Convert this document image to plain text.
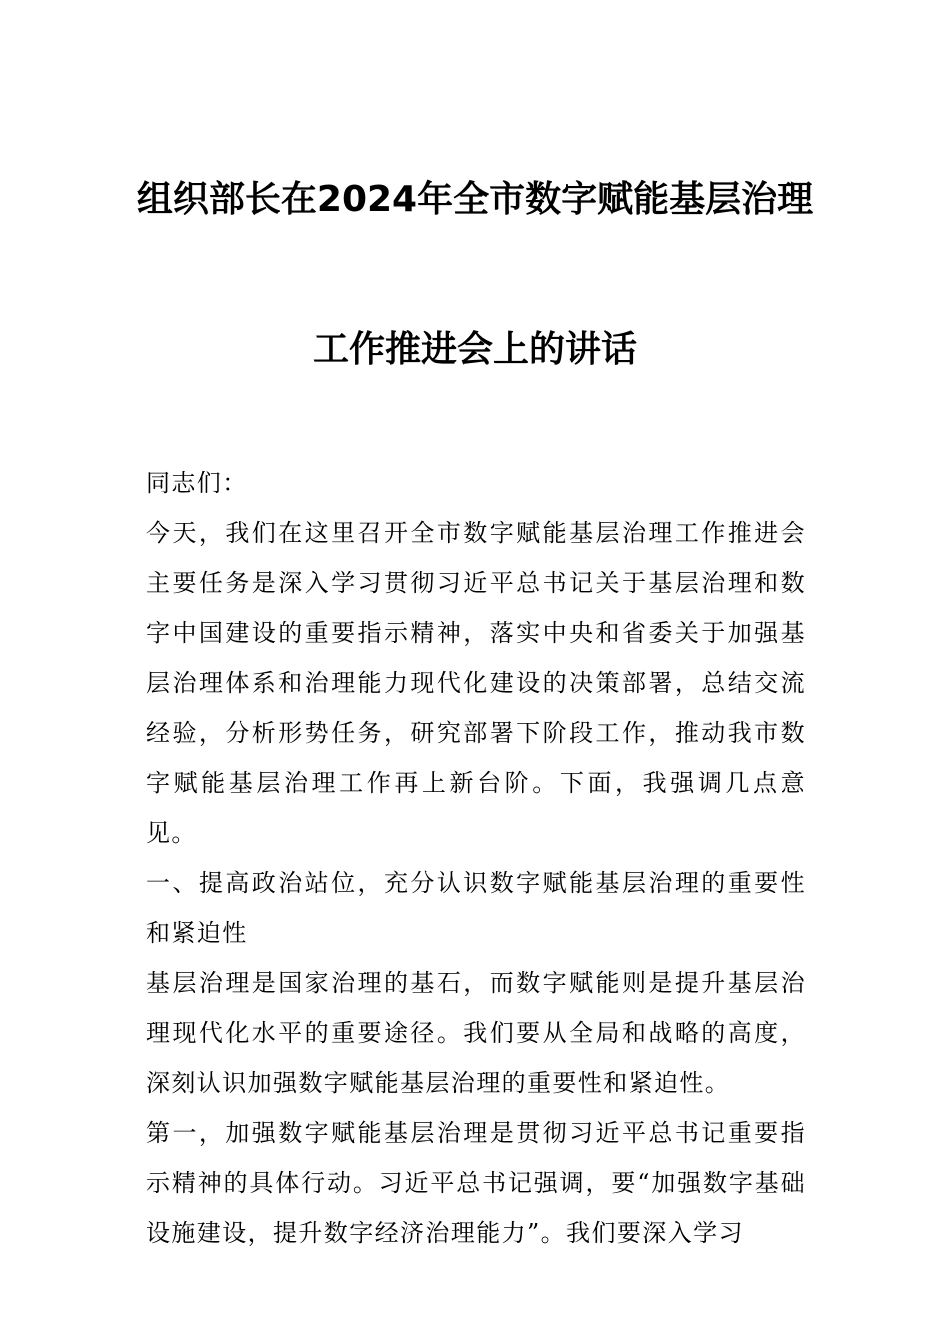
组织部长在2024年全市数字赋能基层治理
工作推进会上的讲话

同志们：

今天，我们在这里召开全市数字赋能基层治理工作推进会主要任务是深入学习贯彻习近平总书记关于基层治理和数字中国建设的重要指示精神，落实中央和省委关于加强基层治理体系和治理能力现代化建设的决策部署，总结交流经验，分析形势任务，研究部署下阶段工作，推动我市数字赋能基层治理工作再上新台阶。下面，我强调几点意见。

一、提高政治站位，充分认识数字赋能基层治理的重要性和紧迫性

基层治理是国家治理的基石，而数字赋能则是提升基层治理现代化水平的重要途径。我们要从全局和战略的高度，深刻认识加强数字赋能基层治理的重要性和紧迫性。

第一，加强数字赋能基层治理是贯彻习近平总书记重要指示精神的具体行动。习近平总书记强调，要“加强数字基础设施建设，提升数字经济治理能力”。我们要深入学习
